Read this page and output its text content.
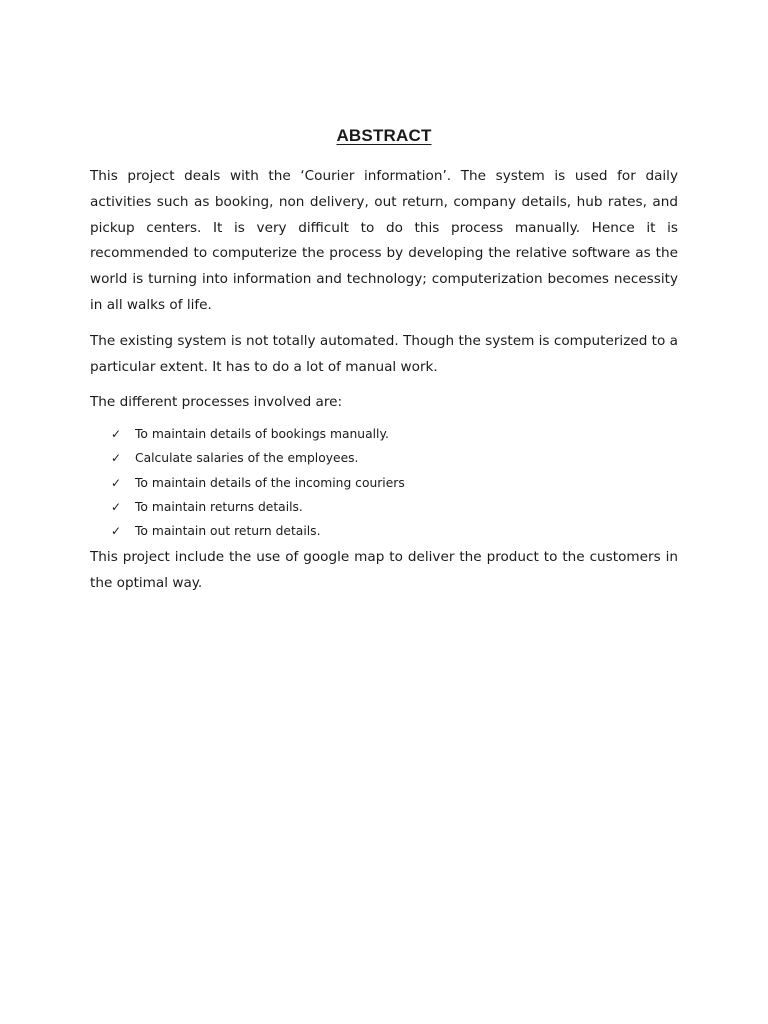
ABSTRACT

This project deals with the ‘Courier information’. The system is used for daily activities such as booking, non delivery, out return, company details, hub rates, and pickup centers. It is very difficult to do this process manually. Hence it is recommended to computerize the process by developing the relative software as the world is turning into information and technology; computerization becomes necessity in all walks of life.

The existing system is not totally automated. Though the system is computerized to a particular extent. It has to do a lot of manual work.

The different processes involved are:

✓	To maintain details of bookings manually.
✓	Calculate salaries of the employees.
✓	To maintain details of the incoming couriers
✓	To maintain returns details.
✓	To maintain out return details.

This project include the use of google map to deliver the product to the customers in the optimal way.
